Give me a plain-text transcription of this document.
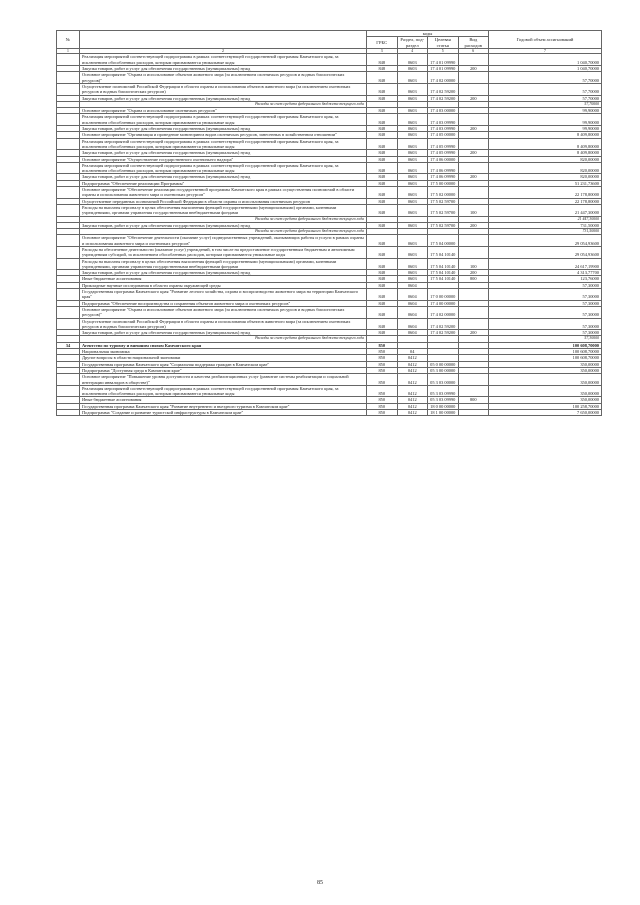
№		коды				Годовой объем ассигнований
		ГРБС	Раздел, под-раздел	Целевая статья	Вид расходов	
1	2	3	4	5	6	7
	Реализация мероприятий соответствующей подпрограммы в рамках соответствующей государственной программы Камчатского края, за исключением обособленных расходов, которым присваиваются уникальные коды	848	0603	17 4 01 09990		1 040,70000
	Закупка товаров, работ и услуг для обеспечения государственных (муниципальных) нужд	848	0603	17 4 01 09990	200	1 040,70000
	Основное мероприятие "Охрана и использование объектов животного мира (за исключением охотничьих ресурсов и водных биологических ресурсов)"	848	0603	17 4 02 00000		57,70000
	Осуществление полномочий Российской Федерации в области охраны и использования объектов животного мира (за исключением охотничьих ресурсов и водных биологических ресурсов)	848	0603	17 4 02 59200		57,70000
	Закупка товаров, работ и услуг для обеспечения государственных (муниципальных) нужд	848	0603	17 4 02 59200	200	57,70000
	Расходы за счет средств федерального бюджета текущего года					57,70000
	Основное мероприятие "Охрана и использование охотничьих ресурсов"	848	0603	17 4 03 00000		99,90000
	Реализация мероприятий соответствующей подпрограммы в рамках соответствующей государственной программы Камчатского края, за исключением обособленных расходов, которым присваиваются уникальные коды	848	0603	17 4 03 09990		99,90000
	Закупка товаров, работ и услуг для обеспечения государственных (муниципальных) нужд	848	0603	17 4 03 09990	200	99,90000
	Основное мероприятие "Организация и проведение мониторинга видов охотничьих ресурсов, занесенных в хозяйственном отношении"	848	0603	17 4 05 00000		8 409,80000
	Реализация мероприятий соответствующей подпрограммы в рамках соответствующей государственной программы Камчатского края, за исключением обособленных расходов, которым присваиваются уникальные коды	848	0603	17 4 05 09990		8 409,80000
	Закупка товаров, работ и услуг для обеспечения государственных (муниципальных) нужд	848	0603	17 4 05 09990	200	8 409,80000
	Основное мероприятие "Осуществление государственного охотничьего надзора"	848	0603	17 4 06 00000		820,00000
	Реализация мероприятий соответствующей подпрограммы в рамках соответствующей государственной программы Камчатского края, за исключением обособленных расходов, которым присваиваются уникальные коды	848	0603	17 4 06 09990		820,00000
	Закупка товаров, работ и услуг для обеспечения государственных (муниципальных) нужд	848	0603	17 4 06 09990	200	820,00000
	Подпрограмма "Обеспечение реализации Программы"	848	0603	17 5 00 00000		51 231,73600
	Основное мероприятие "Обеспечение реализации государственной программы Камчатского края в рамках осуществления полномочий в области охраны и использования животного мира и охотничьих ресурсов"	848	0603	17 5 02 00000		22 178,80000
	Осуществление переданных полномочий Российской Федерации в области охраны и использования охотничьих ресурсов	848	0603	17 5 02 59700		22 178,80000
	Расходы на выплаты персоналу в целях обеспечения выполнения функций государственными (муниципальными) органами, казенными учреждениями, органами управления государственными внебюджетными фондами	848	0603	17 5 02 59700	100	21 447,30000
	Расходы за счет средств федерального бюджета текущего года					21 447,30000
	Закупка товаров, работ и услуг для обеспечения государственных (муниципальных) нужд	848	0603	17 5 02 59700	200	731,50000
	Расходы за счет средств федерального бюджета текущего года					731,50000
	Основное мероприятие "Обеспечение деятельности (оказание услуг) подведомственных учреждений, оказывающих работы и услуги в рамках охраны и использования животного мира и охотничьих ресурсов"	848	0603	17 5 04 00000		29 054,93600
	Расходы на обеспечение деятельности (оказание услуг) учреждений, в том числе на предоставление государственным бюджетным и автономным учреждениям субсидий, за исключением обособленных расходов, которым присваиваются уникальные коды	848	0603	17 5 04 10140		29 054,93600
	Расходы на выплаты персоналу в целях обеспечения выполнения функций государственными (муниципальными) органами, казенными учреждениями, органами управления государственными внебюджетными фондами	848	0603	17 5 04 10140	100	24 617,19900
	Закупка товаров, работ и услуг для обеспечения государственных (муниципальных) нужд	848	0603	17 5 04 10140	200	4 313,77700
	Иные бюджетные ассигнования	848	0603	17 5 04 10140	800	123,76000
	Прикладные научные исследования в области охраны окружающей среды	848	0604			57,30000
	Государственная программа Камчатского края "Развитие лесного хозяйства, охрана и воспроизводство животного мира на территории Камчатского края"	848	0604	17 0 00 00000		57,30000
	Подпрограмма "Обеспечение воспроизводства и сохранения объектов животного мира и охотничьих ресурсов"	848	0604	17 4 00 00000		57,30000
	Основное мероприятие "Охрана и использование объектов животного мира (за исключением охотничьих ресурсов и водных биологических ресурсов)"	848	0604	17 4 02 00000		57,30000
	Осуществление полномочий Российской Федерации в области охраны и использования объектов животного мира (за исключением охотничьих ресурсов и водных биологических ресурсов)	848	0604	17 4 02 59200		57,30000
	Закупка товаров, работ и услуг для обеспечения государственных (муниципальных) нужд	848	0604	17 4 02 59200	200	57,30000
	Расходы за счет средств федерального бюджета текущего года					57,30000
34	Агентство по туризму и внешним связям Камчатского края	850				100 608,70000
	Национальная экономика	850	04			100 608,70000
	Другие вопросы в области национальной экономики	850	0412			100 608,70000
	Государственная программа Камчатского края "Социальная поддержка граждан в Камчатском крае"	850	0412	05 0 00 00000		350,00000
	Подпрограмма "Доступная среда в Камчатском крае"	850	0412	05 3 00 00000		350,00000
	Основное мероприятие "Повышение уровня доступности и качества реабилитационных услуг (развитие системы реабилитации и социальной интеграции инвалидов в обществе)"	850	0412	05 3 03 00000		350,00000
	Реализация мероприятий соответствующей подпрограммы в рамках соответствующей государственной программы Камчатского края, за исключением обособленных расходов, которым присваиваются уникальные коды	850	0412	05 3 03 09990		350,00000
	Иные бюджетные ассигнования	850	0412	05 3 03 09990	800	350,00000
	Государственная программа Камчатского края "Развитие внутреннего и въездного туризма в Камчатском крае"	850	0412	18 0 00 00000		100 258,70000
	Подпрограмма "Создание и развитие туристской инфраструктуры в Камчатском крае"	850	0412	18 1 00 00000		7 650,00000
85
